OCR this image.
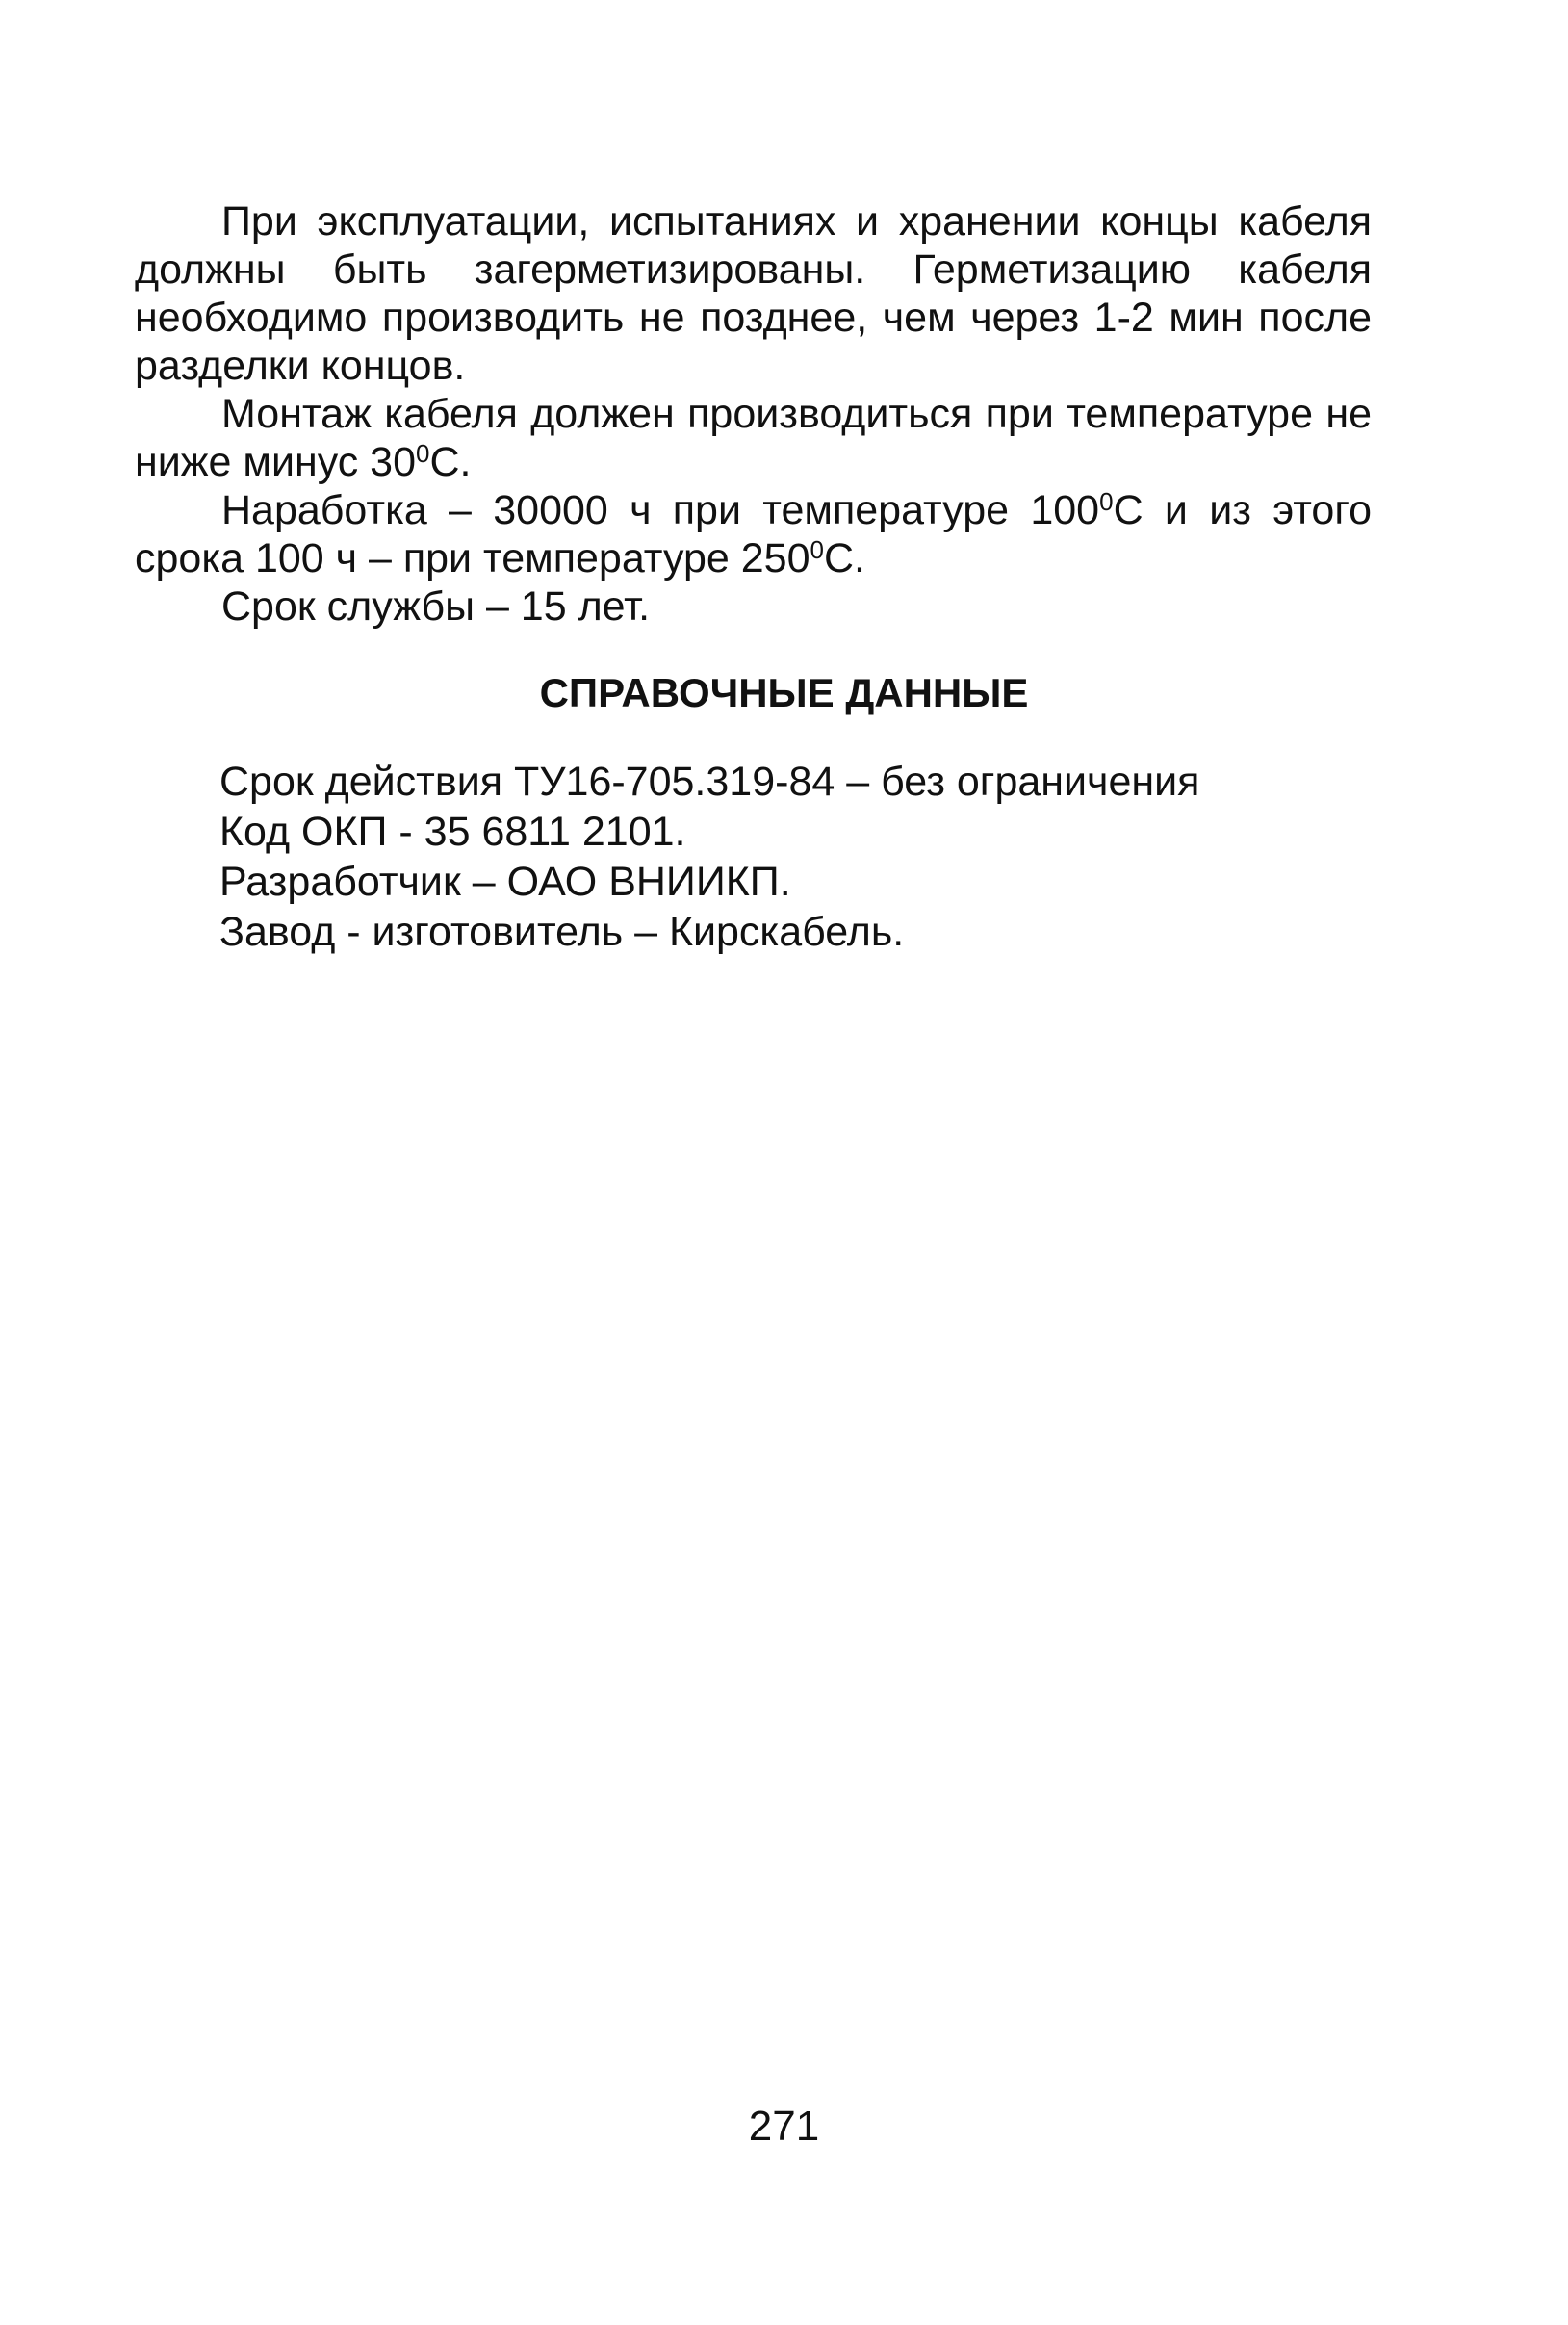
При эксплуатации, испытаниях и хранении концы кабеля
должны быть загерметизированы. Герметизацию кабеля
необходимо производить не позднее, чем через 1-2 мин после
разделки концов.

Монтаж кабеля должен производиться при температуре не
ниже минус $30^0С$.

Наработка – 30000 ч при температуре $100^0С$ и из этого
срока 100 ч – при температуре $250^0С$.

Срок службы – 15 лет.

СПРАВОЧНЫЕ ДАННЫЕ
Срок действия ТУ16-705.319-84 – без ограничения
Код ОКП - 35 6811 2101.
Разработчик – ОАО ВНИИКП.
Завод - изготовитель – Кирскабель.
271
